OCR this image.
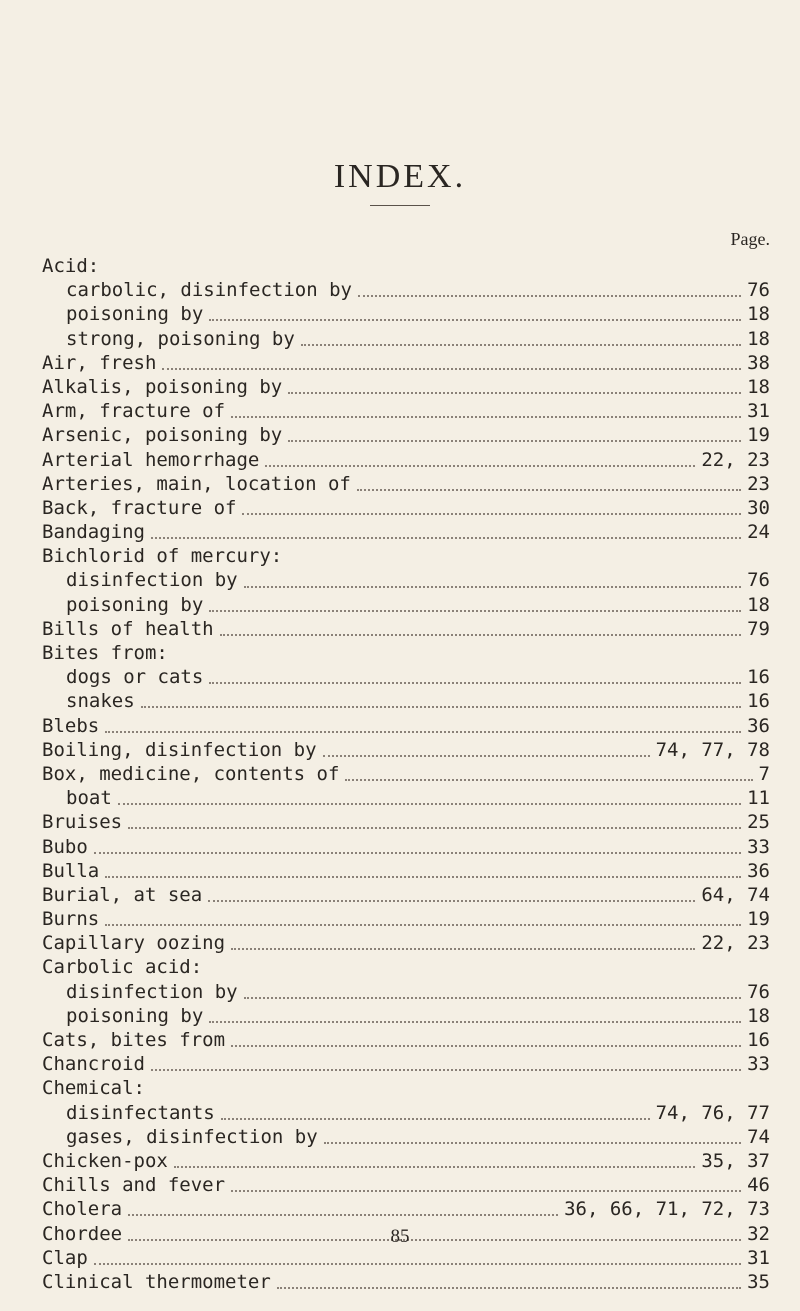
INDEX.
Page.
Acid:
carbolic, disinfection by	76
poisoning by	18
strong, poisoning by	18
Air, fresh	38
Alkalis, poisoning by	18
Arm, fracture of	31
Arsenic, poisoning by	19
Arterial hemorrhage	22, 23
Arteries, main, location of	23
Back, fracture of	30
Bandaging	24
Bichlorid of mercury:
disinfection by	76
poisoning by	18
Bills of health	79
Bites from:
dogs or cats	16
snakes	16
Blebs	36
Boiling, disinfection by	74, 77, 78
Box, medicine, contents of	7
boat	11
Bruises	25
Bubo	33
Bulla	36
Burial, at sea	64, 74
Burns	19
Capillary oozing	22, 23
Carbolic acid:
disinfection by	76
poisoning by	18
Cats, bites from	16
Chancroid	33
Chemical:
disinfectants	74, 76, 77
gases, disinfection by	74
Chicken-pox	35, 37
Chills and fever	46
Cholera	36, 66, 71, 72, 73
Chordee	32
Clap	31
Clinical thermometer	35
85
